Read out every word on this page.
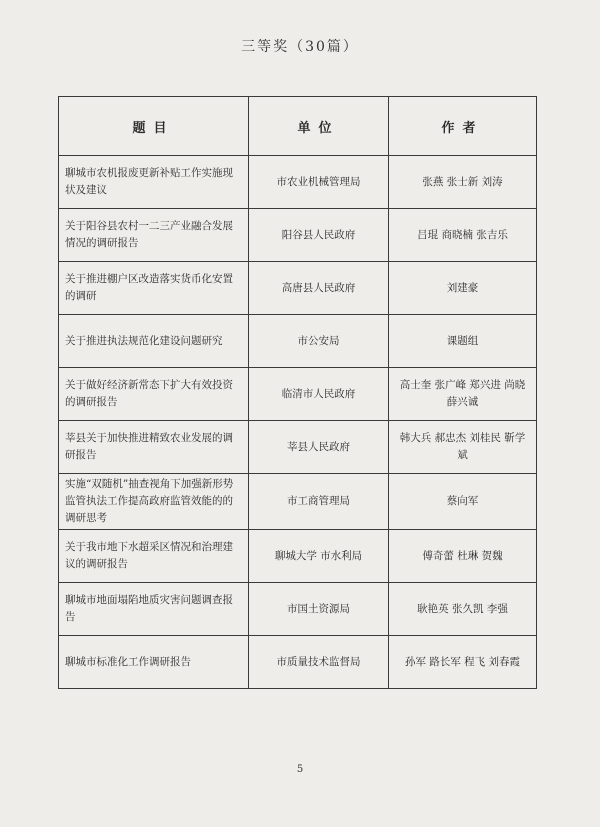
三等奖（30篇）
题目	单位	作者
聊城市农机报废更新补贴工作实施现状及建议	市农业机械管理局	张燕 张士新 刘涛
关于阳谷县农村一二三产业融合发展情况的调研报告	阳谷县人民政府	吕琨 商晓楠 张吉乐
关于推进棚户区改造落实货币化安置的调研	高唐县人民政府	刘建豪
关于推进执法规范化建设问题研究	市公安局	课题组
关于做好经济新常态下扩大有效投资的调研报告	临清市人民政府	高士奎 张广峰 郑兴进 尚晓 薛兴诚
莘县关于加快推进精致农业发展的调研报告	莘县人民政府	韩大兵 郝忠杰 刘桂民 靳学斌
实施“双随机”抽查视角下加强新形势监管执法工作提高政府监管效能的的调研思考	市工商管理局	蔡向军
关于我市地下水超采区情况和治理建议的调研报告	聊城大学 市水利局	傅奇蕾 杜琳 贺魏
聊城市地面塌陷地质灾害问题调查报告	市国土资源局	耿艳英 张久凯 李强
聊城市标准化工作调研报告	市质量技术监督局	孙军 路长军 程飞 刘春霞
5
